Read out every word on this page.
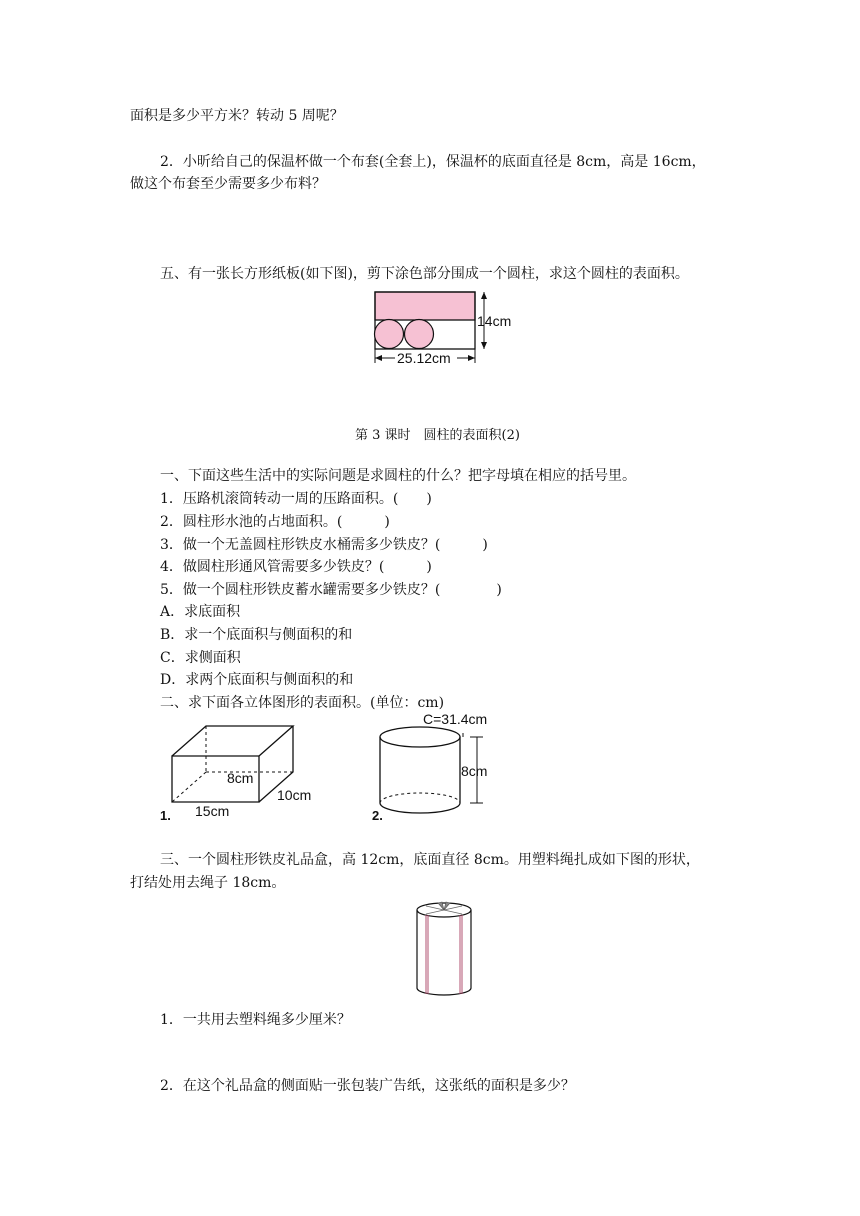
面积是多少平方米？转动 5 周呢？
2．小昕给自己的保温杯做一个布套(全套上)，保温杯的底面直径是 8cm，高是 16cm，
做这个布套至少需要多少布料？
五、有一张长方形纸板(如下图)，剪下涂色部分围成一个圆柱，求这个圆柱的表面积。
14cm
25.12cm
第 3 课时　圆柱的表面积(2)
一、下面这些生活中的实际问题是求圆柱的什么？把字母填在相应的括号里。
1．压路机滚筒转动一周的压路面积。(　　)
2．圆柱形水池的占地面积。(　　　)
3．做一个无盖圆柱形铁皮水桶需多少铁皮？(　　　)
4．做圆柱形通风管需要多少铁皮？(　　　)
5．做一个圆柱形铁皮蓄水罐需要多少铁皮？(　　　　)
A．求底面积
B．求一个底面积与侧面积的和
C．求侧面积
D．求两个底面积与侧面积的和
二、求下面各立体图形的表面积。(单位：cm)
1.
8cm
10cm
15cm
C=31.4cm
8cm
2.
三、一个圆柱形铁皮礼品盒，高 12cm，底面直径 8cm。用塑料绳扎成如下图的形状，
打结处用去绳子 18cm。
1．一共用去塑料绳多少厘米？
2．在这个礼品盒的侧面贴一张包装广告纸，这张纸的面积是多少？
